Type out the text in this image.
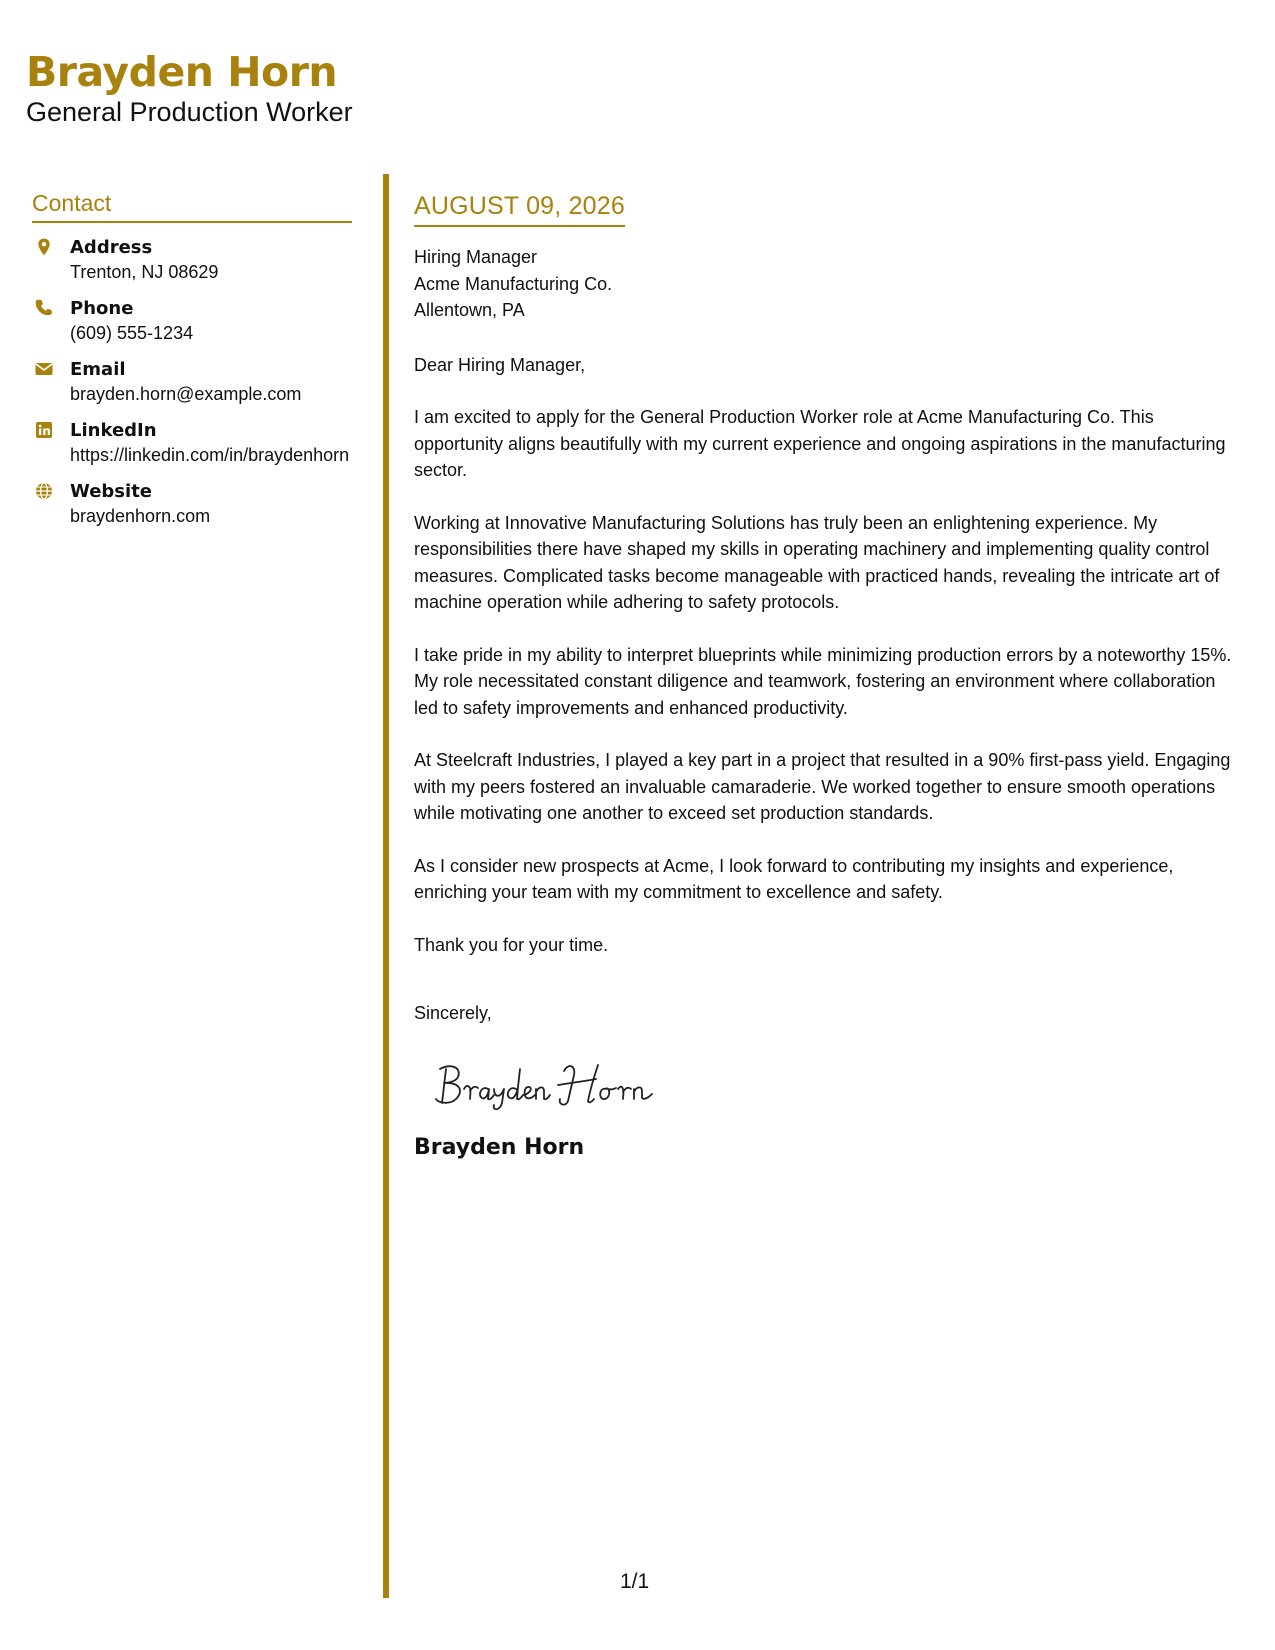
Brayden Horn
General Production Worker
Contact
Address
Trenton, NJ 08629
Phone
(609) 555-1234
Email
brayden.horn@example.com
LinkedIn
https://linkedin.com/in/braydenhorn
Website
braydenhorn.com
AUGUST 09, 2026
Hiring Manager
Acme Manufacturing Co.
Allentown, PA
Dear Hiring Manager,
I am excited to apply for the General Production Worker role at Acme Manufacturing Co. This opportunity aligns beautifully with my current experience and ongoing aspirations in the manufacturing sector.
Working at Innovative Manufacturing Solutions has truly been an enlightening experience. My responsibilities there have shaped my skills in operating machinery and implementing quality control measures. Complicated tasks become manageable with practiced hands, revealing the intricate art of machine operation while adhering to safety protocols.
I take pride in my ability to interpret blueprints while minimizing production errors by a noteworthy 15%. My role necessitated constant diligence and teamwork, fostering an environment where collaboration led to safety improvements and enhanced productivity.
At Steelcraft Industries, I played a key part in a project that resulted in a 90% first-pass yield. Engaging with my peers fostered an invaluable camaraderie. We worked together to ensure smooth operations while motivating one another to exceed set production standards.
As I consider new prospects at Acme, I look forward to contributing my insights and experience, enriching your team with my commitment to excellence and safety.
Thank you for your time.
Sincerely,
Brayden Horn
1/1
